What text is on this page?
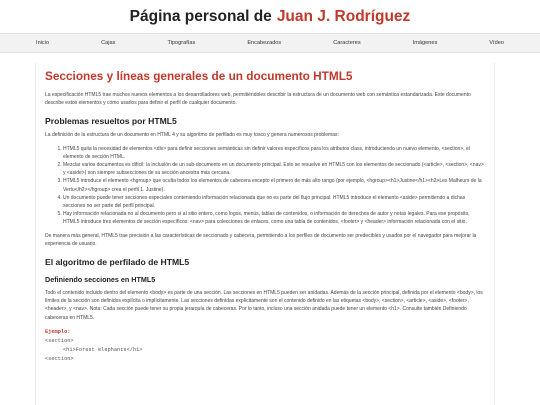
Página personal de Juan J. Rodríguez
Inicio	Cajas	Tipografías	Encabezados	Caracteres	Imágenes	Vídeo
Secciones y líneas generales de un documento HTML5

La especificación HTML5 trae muchos nuevos elementos a los desarrolladores web, permitiéndoles describir la estructura de un documento web con semántica estandarizada. Este documento describe estos elementos y cómo usarlos para definir el perfil de cualquier documento.

Problemas resueltos por HTML5

La definición de la estructura de un documento en HTML 4 y su algoritmo de perfilado es muy tosco y genera numerosos problemas:

1. HTML5 quita la necesidad de elementos <div> para definir secciones semánticas sin definir valores específicos para los atributos class, introduciendo un nuevo elemento, <section>, el elemento de sección HTML.
2. Mezclar varios documentos es difícil: la inclusión de un sub-documento en un documento principal. Esto se resuelve en HTML5 con los elementos de seccionado (<article>, <section>, <nav> y <aside>) son siempre subsecciones de su sección ancestra más cercana.
3. HTML5 introduce el elemento <hgroup> que oculta todos los elementos de cabecera excepto el primero de más alto rango (por ejemplo, <hgroup><h1>Justine</h1><h2>Les Malheurs de la Vertu</h2></hgroup> crea el perfil 1. Justine).
4. Un documento puede tener secciones especiales conteniendo información relacionada que no es parte del flujo principal. HTML5 introduce el elemento <aside> permitiendo a dichas secciones no ser parte del perfil principal.
5. Hay información relacionada no al documento pero sí al sitio entero, como logos, menús, tablas de contenidos, o información de derechos de autor y notas legales. Para ese propósito, HTML5 introduce tres elementos de sección específicos: <nav> para colecciones de enlaces, como una tabla de contenidos, <footer> y <header> información relacionada con el sitio.

De manera más general, HTML5 trae precisión a las características de seccionado y cabecera, permitiendo a los perfiles de documento ser predecibles y usados por el navegador para mejorar la experiencia de usuario.

El algoritmo de perfilado de HTML5
Definiendo secciones en HTML5

Todo el contenido incluido dentro del elemento <body> es parte de una sección. Las secciones en HTML5 pueden ser anidadas. Además de la sección principal, definida por el elemento <body>, los límites de la sección son definidos explícita o implícitamente. Las secciones definidas explícitamente son el contenido definido en las etiquetas <body>, <section>, <article>, <aside>, <footer>, <header>, y <nav>. Nota: Cada sección puede tener su propia jerarquía de cabeceras. Por lo tanto, incluso una sección anidada puede tener un elemento <h1>. Consulte también Definiendo cabeceras en HTML5.

Ejemplo:
<section>
<h1>Forest elephants</h1>
<section>
